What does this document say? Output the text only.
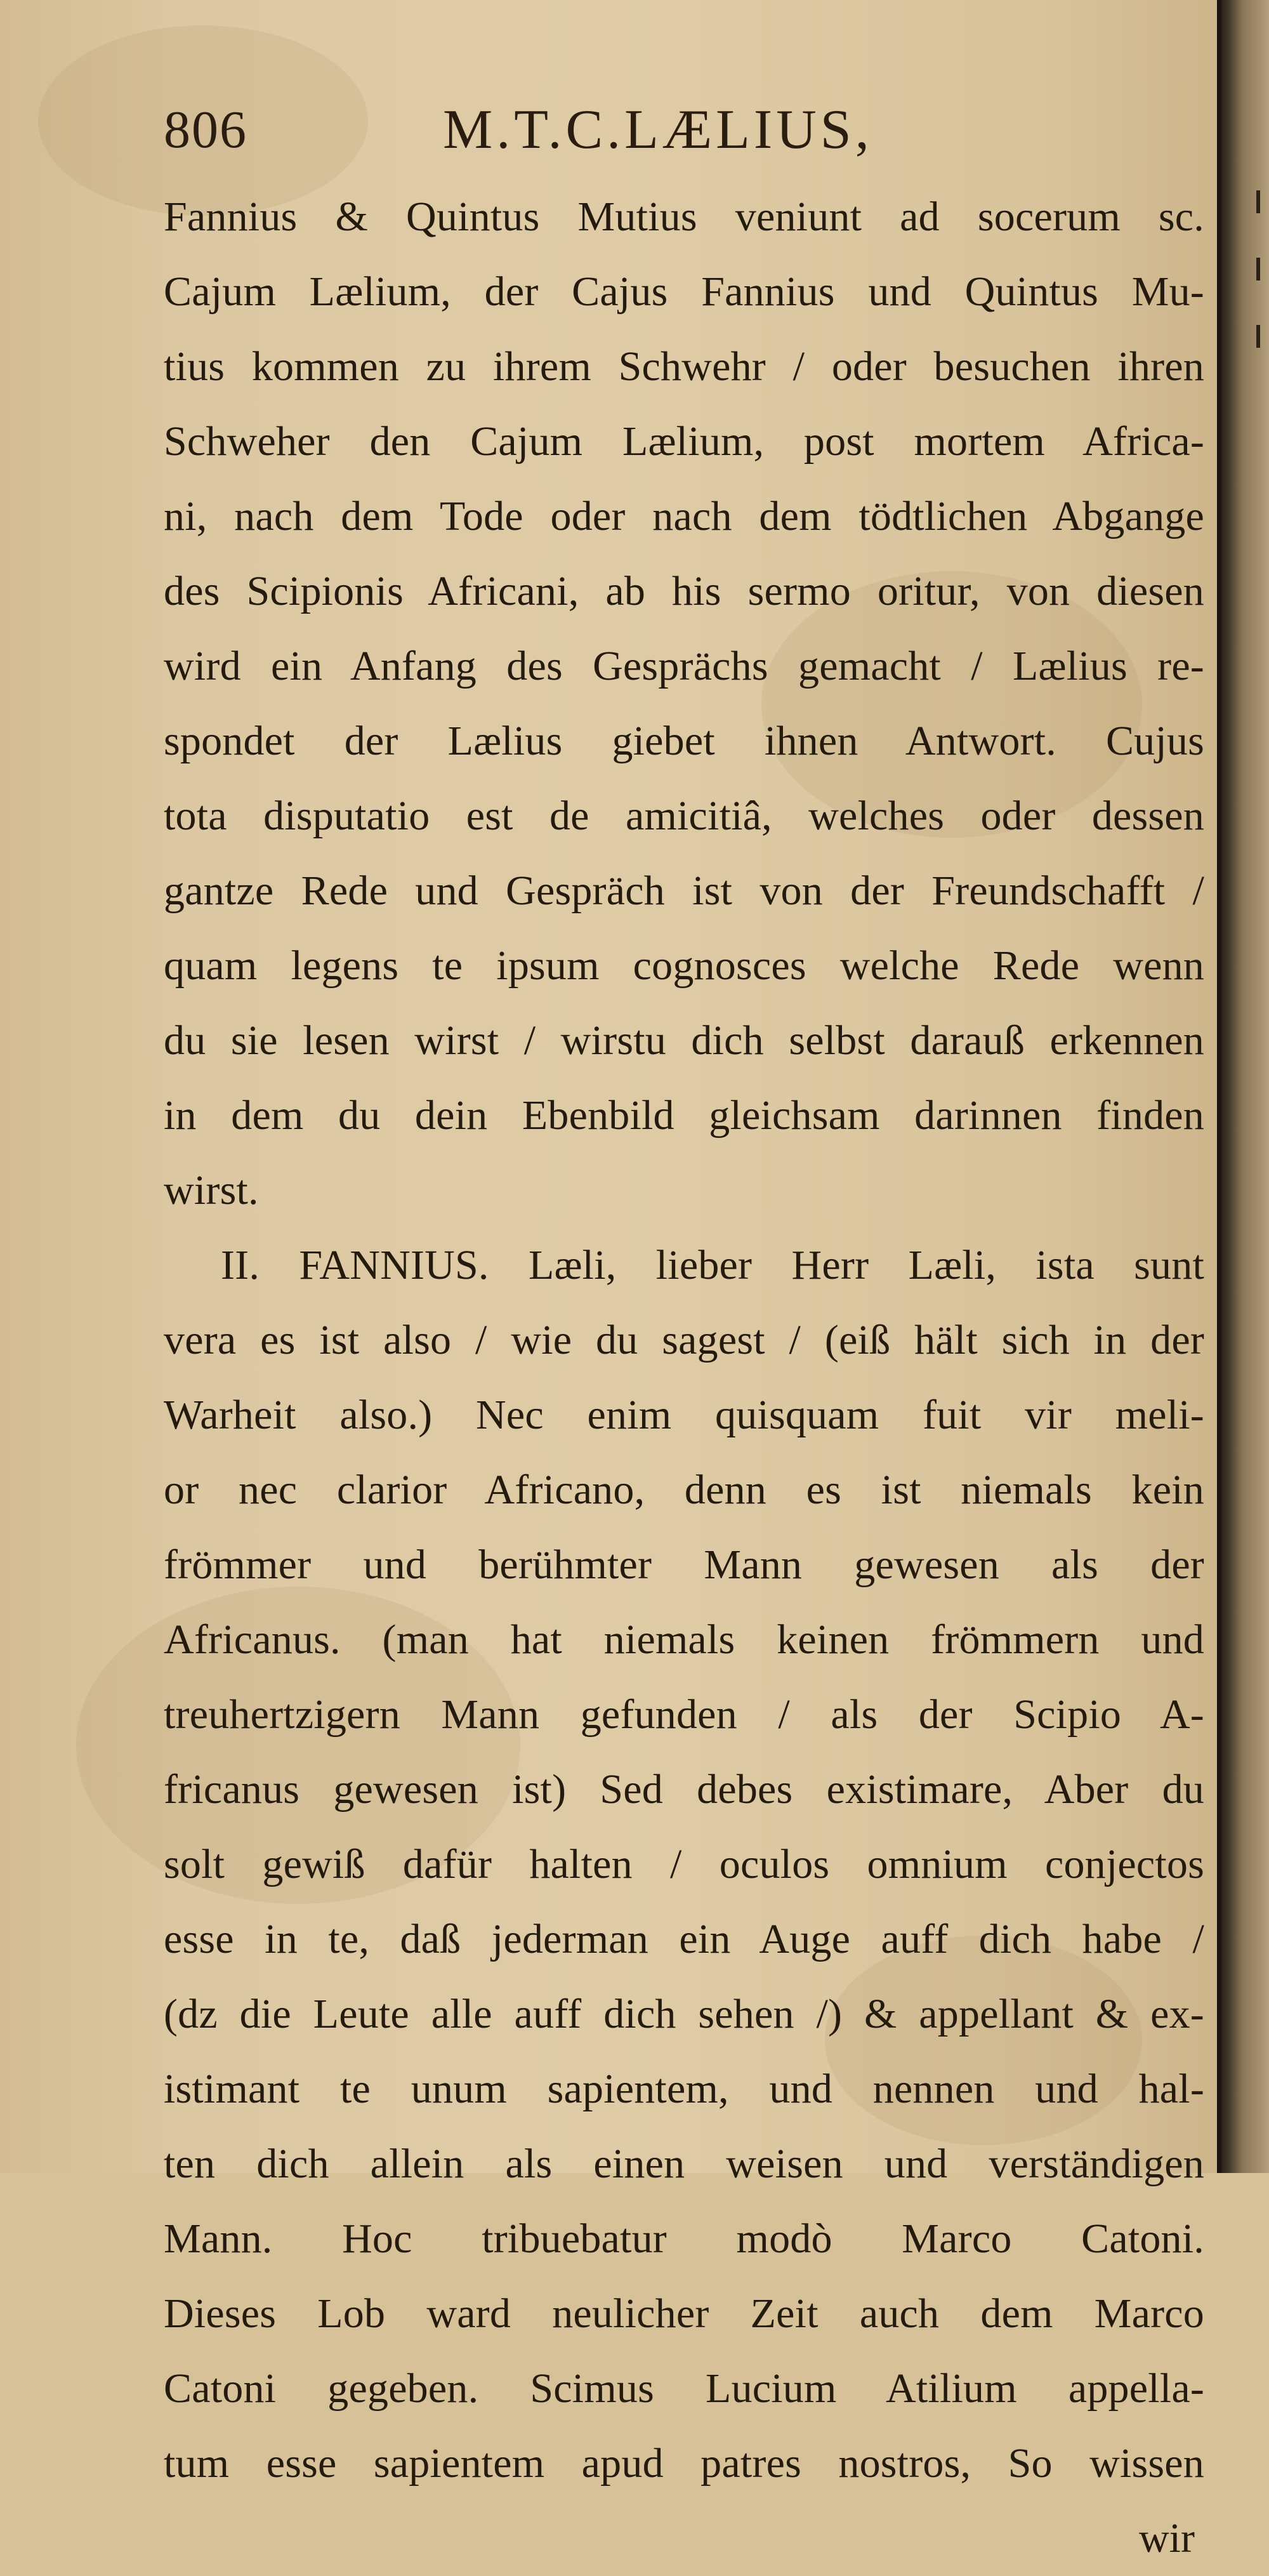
806	M.T.C.LÆLIUS,
Fannius & Quintus Mutius veniunt ad socerum sc.
Cajum Lælium, der Cajus Fannius und Quintus Mu-
tius kommen zu ihrem Schwehr / oder besuchen ihren
Schweher den Cajum Lælium, post mortem Africa-
ni, nach dem Tode oder nach dem tödtlichen Abgange
des Scipionis Africani, ab his sermo oritur, von diesen
wird ein Anfang des Gesprächs gemacht / Lælius re-
spondet der Lælius giebet ihnen Antwort. Cujus
tota disputatio est de amicitiâ, welches oder dessen
gantze Rede und Gespräch ist von der Freundschafft /
quam legens te ipsum cognosces welche Rede wenn
du sie lesen wirst / wirstu dich selbst darauß erkennen
in dem du dein Ebenbild gleichsam darinnen finden
wirst.
II. FANNIUS. Læli, lieber Herr Læli, ista sunt
vera es ist also / wie du sagest / (eiß hält sich in der
Warheit also.) Nec enim quisquam fuit vir meli-
or nec clarior Africano, denn es ist niemals kein
frömmer und berühmter Mann gewesen als der
Africanus. (man hat niemals keinen frömmern und
treuhertzigern Mann gefunden / als der Scipio A-
fricanus gewesen ist) Sed debes existimare, Aber du
solt gewiß dafür halten / oculos omnium conjectos
esse in te, daß jederman ein Auge auff dich habe /
(dz die Leute alle auff dich sehen /) & appellant & ex-
istimant te unum sapientem, und nennen und hal-
ten dich allein als einen weisen und verständigen
Mann. Hoc tribuebatur modò Marco Catoni.
Dieses Lob ward neulicher Zeit auch dem Marco
Catoni gegeben. Scimus Lucium Atilium appella-
tum esse sapientem apud patres nostros, So wissen
wir
